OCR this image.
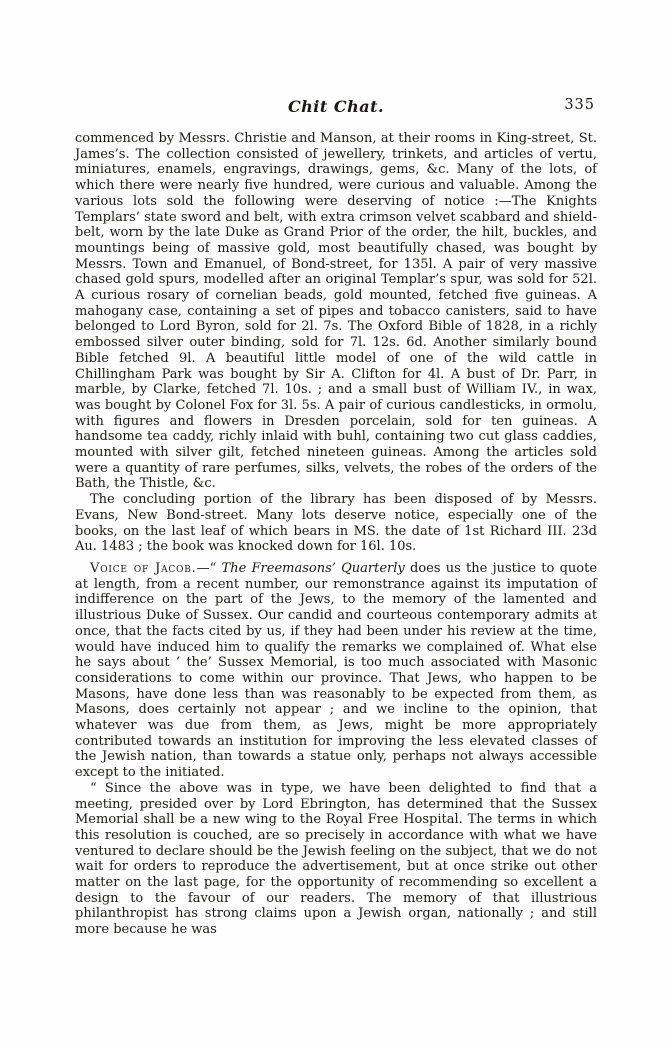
Chit Chat.	335

commenced by Messrs. Christie and Manson, at their rooms in King-street, St. James’s. The collection consisted of jewellery, trinkets, and articles of vertu, miniatures, enamels, engravings, drawings, gems, &c. Many of the lots, of which there were nearly five hundred, were curious and valuable. Among the various lots sold the following were deserving of notice :—The Knights Templars’ state sword and belt, with extra crimson velvet scabbard and shield-belt, worn by the late Duke as Grand Prior of the order, the hilt, buckles, and mountings being of massive gold, most beautifully chased, was bought by Messrs. Town and Emanuel, of Bond-street, for 135l. A pair of very massive chased gold spurs, modelled after an original Templar’s spur, was sold for 52l. A curious rosary of cornelian beads, gold mounted, fetched five guineas. A mahogany case, containing a set of pipes and tobacco canisters, said to have belonged to Lord Byron, sold for 2l. 7s. The Oxford Bible of 1828, in a richly embossed silver outer binding, sold for 7l. 12s. 6d. Another similarly bound Bible fetched 9l. A beautiful little model of one of the wild cattle in Chillingham Park was bought by Sir A. Clifton for 4l. A bust of Dr. Parr, in marble, by Clarke, fetched 7l. 10s. ; and a small bust of William IV., in wax, was bought by Colonel Fox for 3l. 5s. A pair of curious candlesticks, in ormolu, with figures and flowers in Dresden porcelain, sold for ten guineas. A handsome tea caddy, richly inlaid with buhl, containing two cut glass caddies, mounted with silver gilt, fetched nineteen guineas. Among the articles sold were a quantity of rare perfumes, silks, velvets, the robes of the orders of the Bath, the Thistle, &c.

The concluding portion of the library has been disposed of by Messrs. Evans, New Bond-street. Many lots deserve notice, especially one of the books, on the last leaf of which bears in MS. the date of 1st Richard III. 23d Au. 1483 ; the book was knocked down for 16l. 10s.

Voice of Jacob.—“ The Freemasons’ Quarterly does us the justice to quote at length, from a recent number, our remonstrance against its imputation of indifference on the part of the Jews, to the memory of the lamented and illustrious Duke of Sussex. Our candid and courteous contemporary admits at once, that the facts cited by us, if they had been under his review at the time, would have induced him to qualify the remarks we complained of. What else he says about ‘ the’ Sussex Memorial, is too much associated with Masonic considerations to come within our province. That Jews, who happen to be Masons, have done less than was reasonably to be expected from them, as Masons, does certainly not appear ; and we incline to the opinion, that whatever was due from them, as Jews, might be more appropriately contributed towards an institution for improving the less elevated classes of the Jewish nation, than towards a statue only, perhaps not always accessible except to the initiated.

“ Since the above was in type, we have been delighted to find that a meeting, presided over by Lord Ebrington, has determined that the Sussex Memorial shall be a new wing to the Royal Free Hospital. The terms in which this resolution is couched, are so precisely in accordance with what we have ventured to declare should be the Jewish feeling on the subject, that we do not wait for orders to reproduce the advertisement, but at once strike out other matter on the last page, for the opportunity of recommending so excellent a design to the favour of our readers. The memory of that illustrious philanthropist has strong claims upon a Jewish organ, nationally ; and still more because he was
